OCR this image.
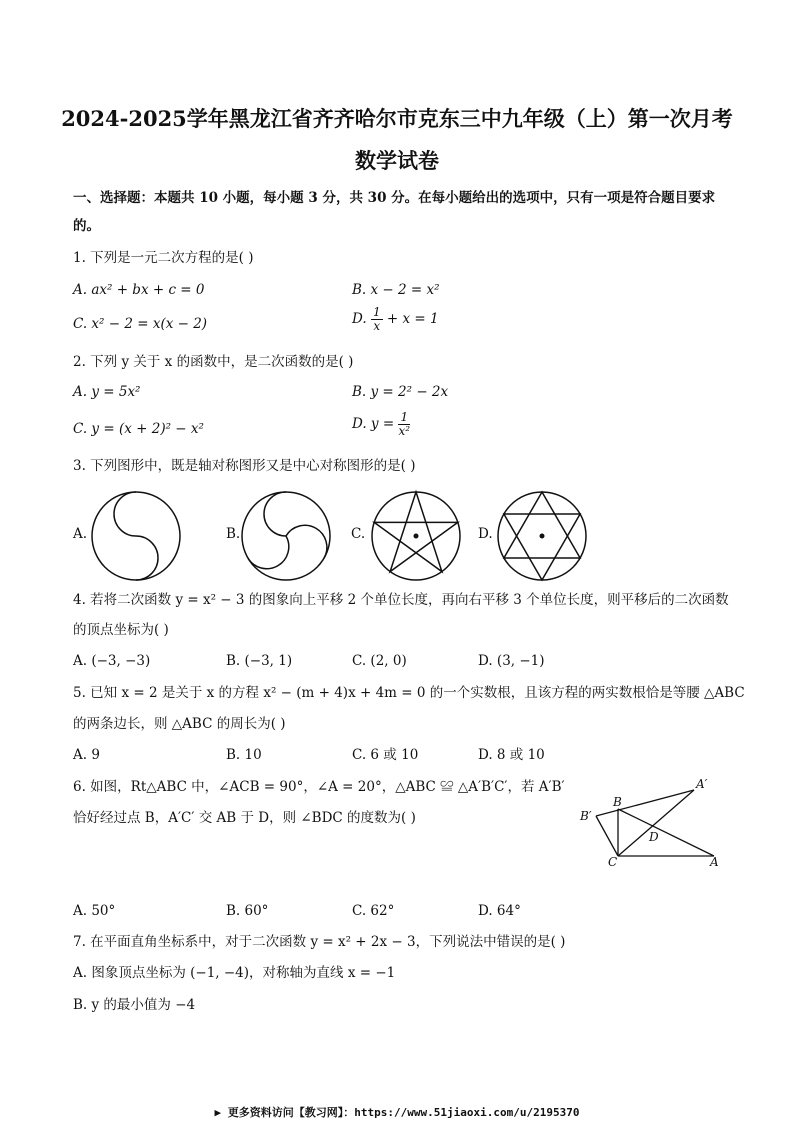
2024-2025学年黑龙江省齐齐哈尔市克东三中九年级（上）第一次月考
数学试卷
一、选择题：本题共 10 小题，每小题 3 分，共 30 分。在每小题给出的选项中，只有一项是符合题目要求
的。
1. 下列是一元二次方程的是( )
A. ax² + bx + c = 0	B. x − 2 = x²
C. x² − 2 = x(x − 2)	D. $\frac{1}{x} + x = 1$
2. 下列 y 关于 x 的函数中，是二次函数的是( )
A. y = 5x²	B. y = 2² − 2x
C. y = (x + 2)² − x²	D. $y = \frac{1}{\text{x²}}$
3. 下列图形中，既是轴对称图形又是中心对称图形的是( )
A.	B.	C.	D.
4. 若将二次函数 y = x² − 3 的图象向上平移 2 个单位长度，再向右平移 3 个单位长度，则平移后的二次函数
的顶点坐标为( )
A. (−3, −3)	B. (−3, 1)	C. (2, 0)	D. (3, −1)
5. 已知 x = 2 是关于 x 的方程 x² − (m + 4)x + 4m = 0 的一个实数根，且该方程的两实数根恰是等腰 △ABC
的两条边长，则 △ABC 的周长为( )
A. 9	B. 10	C. 6 或 10	D. 8 或 10
6. 如图，Rt△ABC 中，∠ACB = 90°，∠A = 20°，△ABC ≌ △A′B′C′，若 A′B′
恰好经过点 B，A′C′ 交 AB 于 D，则 ∠BDC 的度数为( )
A′
B
B′
D
C	A
A. 50°	B. 60°	C. 62°	D. 64°
7. 在平面直角坐标系中，对于二次函数 y = x² + 2x − 3，下列说法中错误的是( )
A. 图象顶点坐标为 (−1, −4)，对称轴为直线 x = −1
B. y 的最小值为 −4
▶ 更多资料访问【教习网】：https://www.51jiaoxi.com/u/2195370
